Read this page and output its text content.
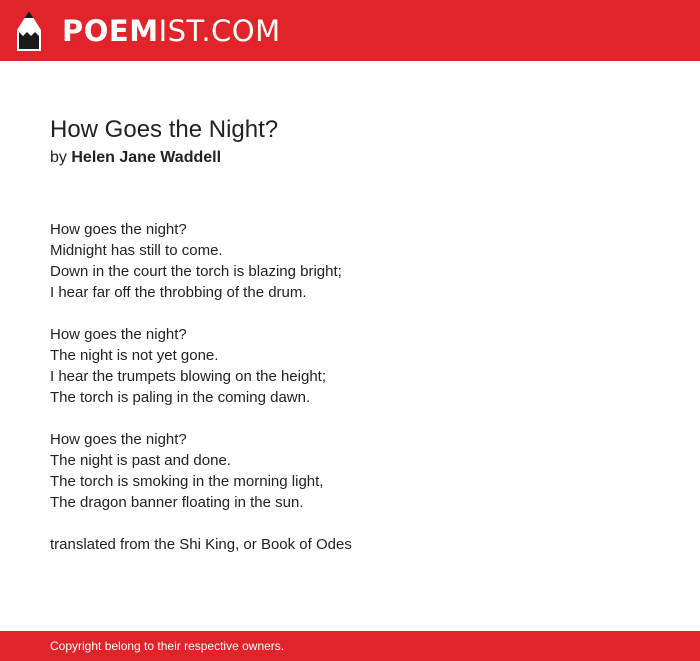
POEMIST.COM
How Goes the Night?
by Helen Jane Waddell
How goes the night?
Midnight has still to come.
Down in the court the torch is blazing bright;
I hear far off the throbbing of the drum.
How goes the night?
The night is not yet gone.
I hear the trumpets blowing on the height;
The torch is paling in the coming dawn.
How goes the night?
The night is past and done.
The torch is smoking in the morning light,
The dragon banner floating in the sun.
translated from the Shi King, or Book of Odes
Copyright belong to their respective owners.
